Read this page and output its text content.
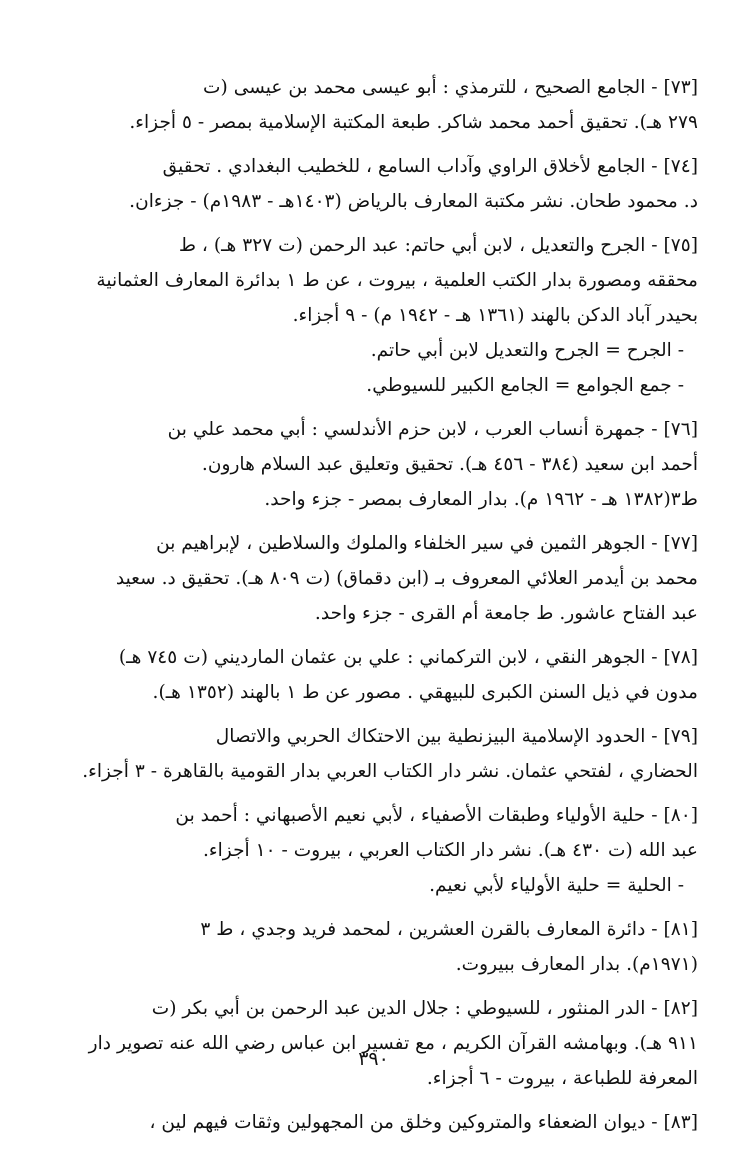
[٧٣] - الجامع الصحيح ، للترمذي : أبو عيسى محمد بن عيسى (ت
٢٧٩ هـ). تحقيق أحمد محمد شاكر. طبعة المكتبة الإسلامية بمصر - ٥ أجزاء.
[٧٤] - الجامع لأخلاق الراوي وآداب السامع ، للخطيب البغدادي . تحقيق
د. محمود طحان. نشر مكتبة المعارف بالرياض (١٤٠٣هـ - ١٩٨٣م) - جزءان.
[٧٥] - الجرح والتعديل ، لابن أبي حاتم: عبد الرحمن (ت ٣٢٧ هـ) ، ط
محققه ومصورة بدار الكتب العلمية ، بيروت ، عن ط ١ بدائرة المعارف العثمانية
بحيدر آباد الدكن بالهند (١٣٦١ هـ - ١٩٤٢ م) - ٩ أجزاء.
- الجرح = الجرح والتعديل لابن أبي حاتم.
- جمع الجوامع = الجامع الكبير للسيوطي.
[٧٦] - جمهرة أنساب العرب ، لابن حزم الأندلسي : أبي محمد علي بن
أحمد ابن سعيد (٣٨٤ - ٤٥٦ هـ). تحقيق وتعليق عبد السلام هارون.
ط٣(١٣٨٢ هـ - ١٩٦٢ م). بدار المعارف بمصر - جزء واحد.
[٧٧] - الجوهر الثمين في سير الخلفاء والملوك والسلاطين ، لإبراهيم بن
محمد بن أيدمر العلائي المعروف بـ (ابن دقماق) (ت ٨٠٩ هـ). تحقيق د. سعيد
عبد الفتاح عاشور. ط جامعة أم القرى - جزء واحد.
[٧٨] - الجوهر النقي ، لابن التركماني : علي بن عثمان المارديني (ت ٧٤٥ هـ)
مدون في ذيل السنن الكبرى للبيهقي . مصور عن ط ١ بالهند (١٣٥٢ هـ).
[٧٩] - الحدود الإسلامية البيزنطية بين الاحتكاك الحربي والاتصال
الحضاري ، لفتحي عثمان. نشر دار الكتاب العربي بدار القومية بالقاهرة - ٣ أجزاء.
[٨٠] - حلية الأولياء وطبقات الأصفياء ، لأبي نعيم الأصبهاني : أحمد بن
عبد الله (ت ٤٣٠ هـ). نشر دار الكتاب العربي ، بيروت - ١٠ أجزاء.
- الحلية = حلية الأولياء لأبي نعيم.
[٨١] - دائرة المعارف بالقرن العشرين ، لمحمد فريد وجدي ، ط ٣
(١٩٧١م). بدار المعارف ببيروت.
[٨٢] - الدر المنثور ، للسيوطي : جلال الدين عبد الرحمن بن أبي بكر (ت
٩١١ هـ). وبهامشه القرآن الكريم ، مع تفسير ابن عباس رضي الله عنه تصوير دار
المعرفة للطباعة ، بيروت - ٦ أجزاء.
[٨٣] - ديوان الضعفاء والمتروكين وخلق من المجهولين وثقات فيهم لين ،
٣٩٠
